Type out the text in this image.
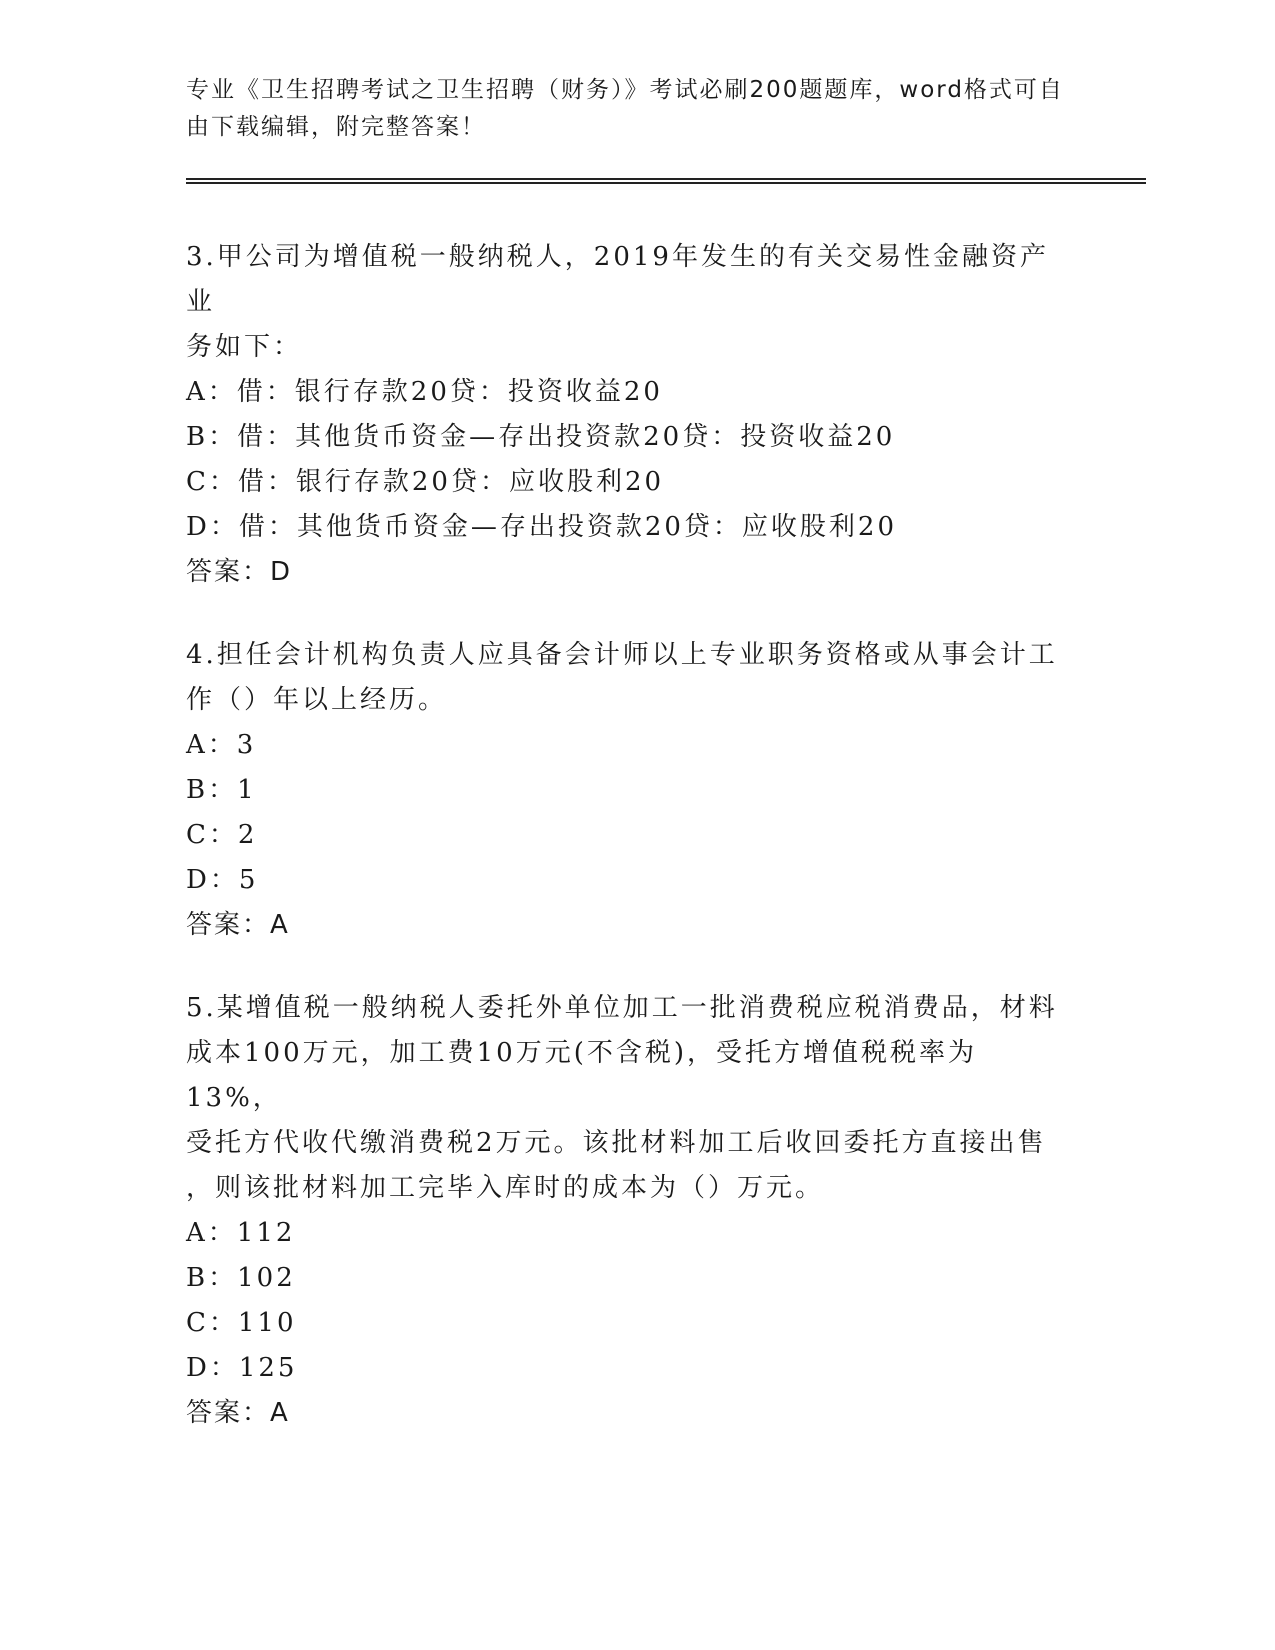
专业《卫生招聘考试之卫生招聘（财务）》考试必刷200题题库，word格式可自
由下载编辑，附完整答案！
3.甲公司为增值税一般纳税人，2019年发生的有关交易性金融资产业
务如下：
A：借：银行存款20贷：投资收益20
B：借：其他货币资金—存出投资款20贷：投资收益20
C：借：银行存款20贷：应收股利20
D：借：其他货币资金—存出投资款20贷：应收股利20
答案：D
4.担任会计机构负责人应具备会计师以上专业职务资格或从事会计工
作（）年以上经历。
A：3
B：1
C：2
D：5
答案：A
5.某增值税一般纳税人委托外单位加工一批消费税应税消费品，材料
成本100万元，加工费10万元(不含税)，受托方增值税税率为13%，
受托方代收代缴消费税2万元。该批材料加工后收回委托方直接出售
，则该批材料加工完毕入库时的成本为（）万元。
A：112
B：102
C：110
D：125
答案：A
